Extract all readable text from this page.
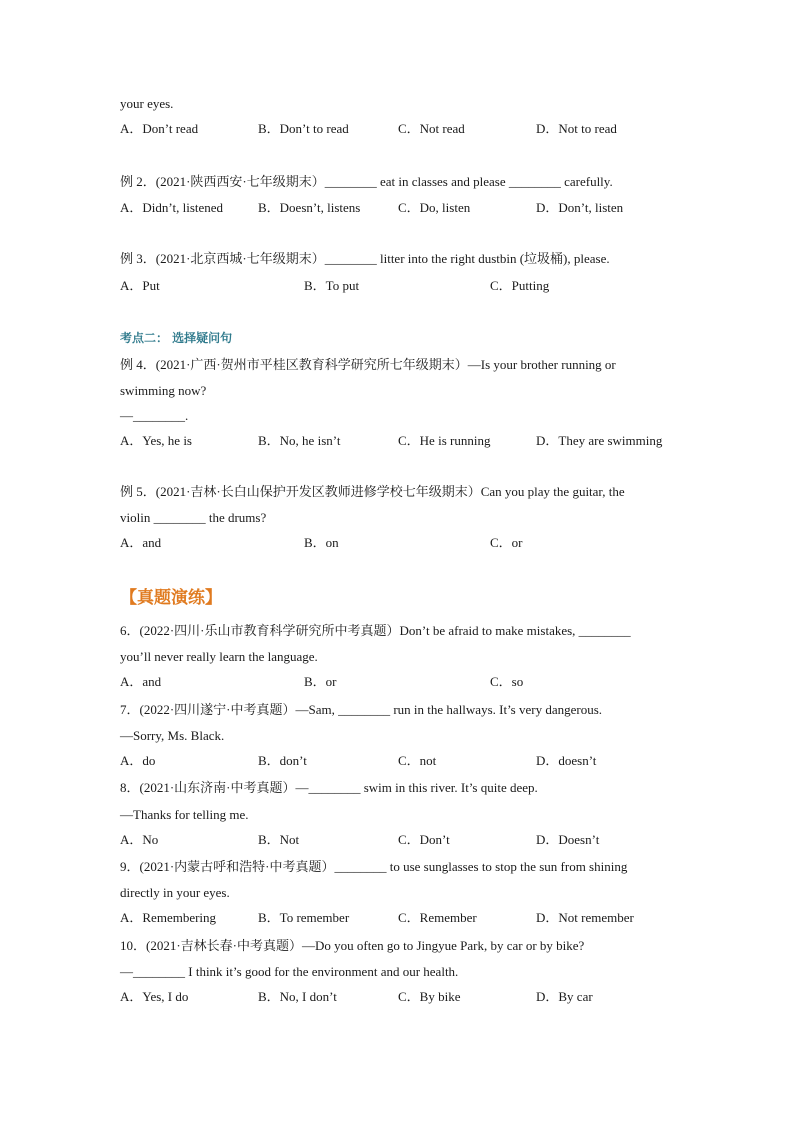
your eyes.
A．Don’t read	B．Don’t to read	C．Not read	D．Not to read
例 2．(2021·陕西西安·七年级期末）________ eat in classes and please ________ carefully.
A．Didn’t, listened	B．Doesn’t, listens	C．Do, listen	D．Don’t, listen
例 3．(2021·北京西城·七年级期末）________ litter into the right dustbin (垃圾桶), please.
A．Put	B．To put	C．Putting
考点二： 选择疑问句
例 4．(2021·广西·贺州市平桂区教育科学研究所七年级期末）—Is your brother running or
swimming now?
—________.
A．Yes, he is	B．No, he isn’t	C．He is running	D．They are swimming
例 5．(2021·吉林·长白山保护开发区教师进修学校七年级期末）Can you play the guitar, the
violin ________ the drums?
A．and	B．on	C．or
【真题演练】
6．(2022·四川·乐山市教育科学研究所中考真题）Don’t be afraid to make mistakes, ________
you’ll never really learn the language.
A．and	B．or	C．so
7．(2022·四川遂宁·中考真题）—Sam, ________ run in the hallways. It’s very dangerous.
—Sorry, Ms. Black.
A．do	B．don’t	C．not	D．doesn’t
8．(2021·山东济南·中考真题）—________ swim in this river. It’s quite deep.
—Thanks for telling me.
A．No	B．Not	C．Don’t	D．Doesn’t
9．(2021·内蒙古呼和浩特·中考真题）________ to use sunglasses to stop the sun from shining
directly in your eyes.
A．Remembering	B．To remember	C．Remember	D．Not remember
10．(2021·吉林长春·中考真题）—Do you often go to Jingyue Park, by car or by bike?
—________ I think it’s good for the environment and our health.
A．Yes, I do	B．No, I don’t	C．By bike	D．By car
